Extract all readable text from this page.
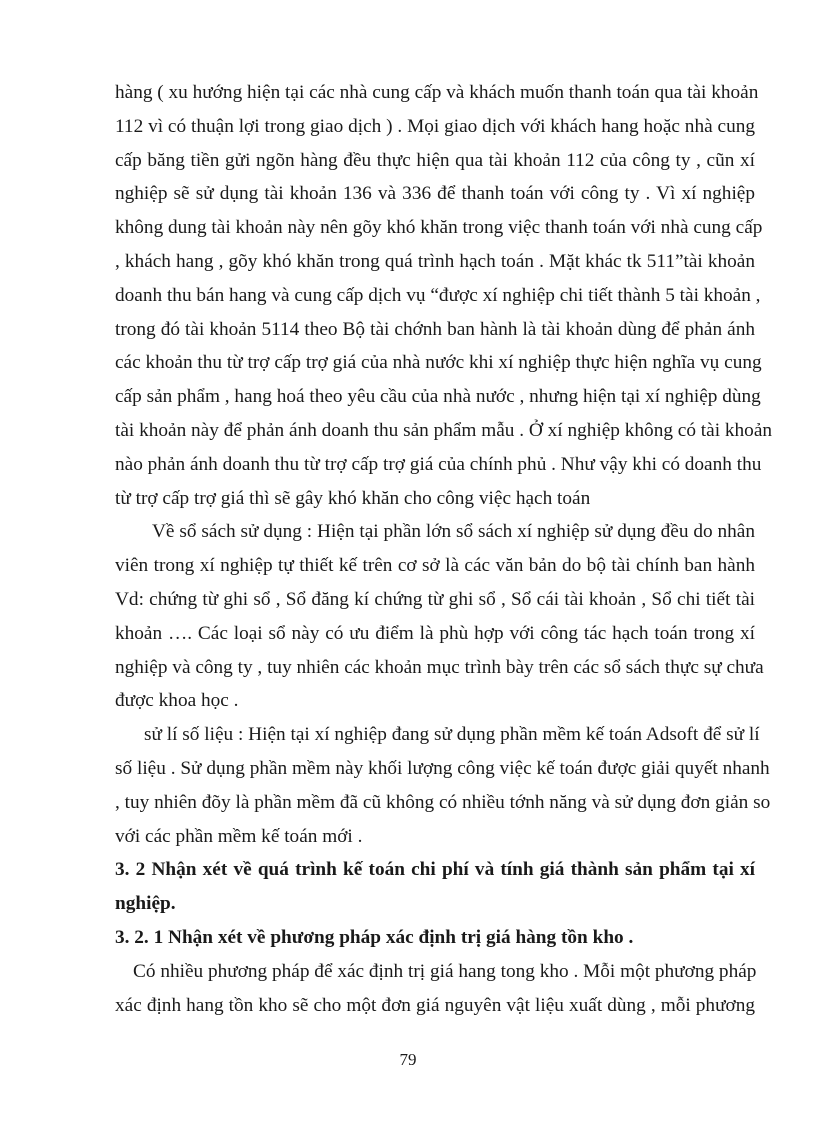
hàng ( xu hướng hiện tại các nhà cung cấp và khách muốn thanh toán qua tài khoản
112 vì có thuận lợi trong giao dịch ) . Mọi giao dịch với khách hang hoặc nhà cung
cấp băng tiền gửi ngõn hàng đều thực hiện qua tài khoản 112 của công ty , cũn xí
nghiệp sẽ sử dụng tài khoản 136 và 336 để thanh toán với công ty . Vì xí nghiệp
không dung tài khoản này nên gõy khó khăn trong việc thanh toán với nhà cung cấp
, khách hang , gõy khó khăn trong quá trình hạch toán . Mặt khác tk 511”tài khoản
doanh thu bán hang và cung cấp dịch vụ “được xí nghiệp chi tiết thành 5 tài khoản ,
trong đó tài khoản 5114 theo Bộ tài chớnh ban hành là tài khoản dùng để phản ánh
các khoản thu từ trợ cấp trợ giá của nhà nước khi xí nghiệp thực hiện nghĩa vụ cung
cấp sản phẩm , hang hoá theo yêu cầu của nhà nước , nhưng hiện tại xí nghiệp dùng
tài khoản này để phản ánh doanh thu sản phẩm mẫu . Ở xí nghiệp không có tài khoản
nào phản ánh doanh thu từ trợ cấp trợ giá của chính phủ . Như vậy khi có doanh thu
từ trợ cấp trợ giá thì sẽ gây khó khăn cho công việc hạch toán
Về sổ sách sử dụng : Hiện tại phần lớn sổ sách xí nghiệp sử dụng đều do nhân
viên trong xí nghiệp tự thiết kế trên cơ sở là các văn bản do bộ tài chính ban hành
Vd: chứng từ ghi sổ , Sổ đăng kí chứng từ ghi sổ , Sổ cái tài khoản , Sổ chi tiết tài
khoản …. Các loại sổ này có ưu điểm là phù hợp với công tác hạch toán trong xí
nghiệp và công ty , tuy nhiên các khoản mục trình bày trên các sổ sách thực sự chưa
được khoa học .
sử lí số liệu : Hiện tại xí nghiệp đang sử dụng phần mềm kế toán Adsoft để sử lí
số liệu . Sử dụng phần mềm này khối lượng công việc kế toán được giải quyết nhanh
, tuy nhiên đõy là phần mềm đã cũ không có nhiều tớnh năng và sử dụng đơn giản so
với các phần mềm kế toán mới .
3. 2 Nhận xét về quá trình kế toán chi phí và tính giá thành sản phẩm tại xí
nghiệp.
3. 2. 1 Nhận xét về phương pháp xác định trị giá hàng tồn kho .
Có nhiều phương pháp để xác định trị giá hang tong kho . Mỗi một phương pháp
xác định hang tồn kho sẽ cho một đơn giá nguyên vật liệu xuất dùng , mỗi phương
79
